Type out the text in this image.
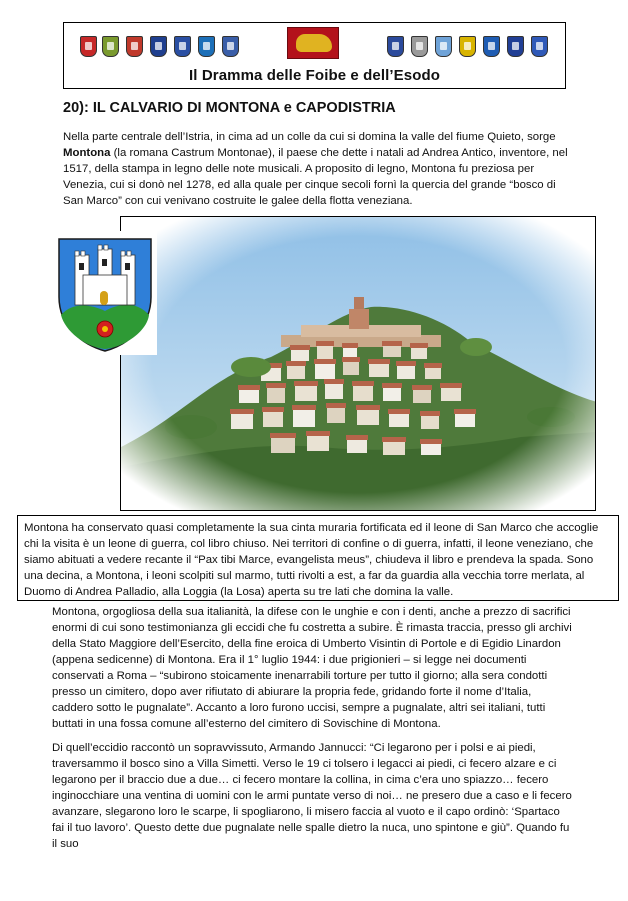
Il Dramma delle Foibe e dell’Esodo
20): IL CALVARIO DI MONTONA e CAPODISTRIA
Nella parte centrale dell’Istria, in cima ad un colle da cui si domina la valle del fiume Quieto, sorge Montona (la romana Castrum Montonae), il paese che dette i natali ad Andrea Antico, inventore, nel 1517, della stampa in legno delle note musicali. A proposito di legno, Montona fu preziosa per Venezia, cui si donò nel 1278, ed alla quale per cinque secoli fornì la quercia del grande “bosco di San Marco” con cui venivano costruite le galee della flotta veneziana.
Montona ha conservato quasi completamente la sua cinta muraria fortificata ed il leone di San Marco che accoglie chi la visita è un leone di guerra, col libro chiuso. Nei territori di confine o di guerra, infatti, il leone veneziano, che siamo abituati a vedere recante il “Pax tibi Marce, evangelista meus”, chiudeva il libro e prendeva la spada. Sono una decina, a Montona, i leoni scolpiti sul marmo, tutti rivolti a est, a far da guardia alla vecchia torre merlata, al Duomo di Andrea Palladio, alla Loggia (la Losa) aperta su tre lati che domina la valle.
Montona, orgogliosa della sua italianità, la difese con le unghie e con i denti, anche a prezzo di sacrifici enormi di cui sono testimonianza gli eccidi che fu costretta a subire. È rimasta traccia, presso gli archivi della Stato Maggiore dell’Esercito, della fine eroica di Umberto Visintin di Portole e di Egidio Linardon (appena sedicenne) di Montona. Era il 1° luglio 1944: i due prigionieri – si legge nei documenti conservati a Roma – “subirono stoicamente inenarrabili torture per tutto il giorno; alla sera condotti presso un cimitero, dopo aver rifiutato di abiurare la propria fede, gridando forte il nome d’Italia, caddero sotto le pugnalate”. Accanto a loro furono uccisi, sempre a pugnalate, altri sei italiani, tutti buttati in una fossa comune all’esterno del cimitero di Sovischine di Montona.
Di quell’eccidio raccontò un sopravvissuto, Armando Jannucci: “Ci legarono per i polsi e ai piedi, traversammo il bosco sino a Villa Simetti. Verso le 19 ci tolsero i legacci ai piedi, ci fecero alzare e ci legarono per il braccio due a due… ci fecero montare la collina, in cima c’era uno spiazzo… fecero inginocchiare una ventina di uomini con le armi puntate verso di noi… ne presero due a caso e li fecero avanzare, slegarono loro le scarpe, li spogliarono, li misero faccia al vuoto e il capo ordinò: ‘Spartaco fai il tuo lavoro’. Questo dette due pugnalate nelle spalle dietro la nuca, uno spintone e giù”. Quando fu il suo
